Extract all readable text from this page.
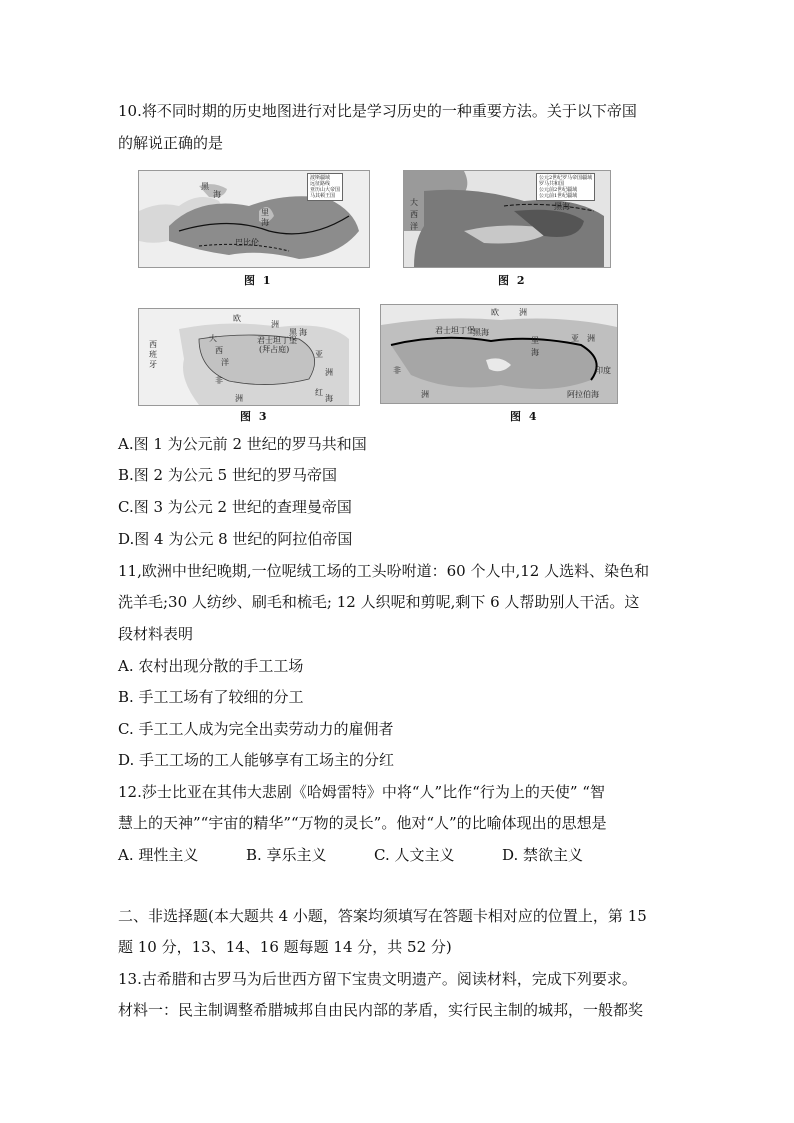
10.将不同时期的历史地图进行对比是学习历史的一种重要方法。关于以下帝国
的解说正确的是
黑
海
里
海
巴比伦
波斯疆域
远征路线
亚历山大帝国
马其顿王国
图 1
大
西
洋
黑海
公元2世纪罗马帝国疆域
罗马共和国
公元前2世纪疆域
公元前1世纪疆域
图 2
欧
洲
西
班
牙
大
西
洋
非
洲
君士坦丁堡
(拜占庭)
黑 海
亚
洲
红
海
图 3
欧	洲
君士坦丁堡
黑海
里
海
非
洲
亚 洲
阿拉伯海
印度
图 4
A.图 1 为公元前 2 世纪的罗马共和国
B.图 2 为公元 5 世纪的罗马帝国
C.图 3 为公元 2 世纪的查理曼帝国
D.图 4 为公元 8 世纪的阿拉伯帝国
11,欧洲中世纪晚期,一位呢绒工场的工头吩咐道：60 个人中,12 人选料、染色和
洗羊毛;30 人纺纱、刷毛和梳毛; 12 人织呢和剪呢,剩下 6 人帮助别人干活。这
段材料表明
A. 农村出现分散的手工工场
B. 手工工场有了较细的分工
C. 手工工人成为完全出卖劳动力的雇佣者
D. 手工工场的工人能够享有工场主的分红
12.莎士比亚在其伟大悲剧《哈姆雷特》中将“人”比作“行为上的天使” “智
慧上的天神”“宇宙的精华”“万物的灵长”。他对“人”的比喻体现出的思想是
A. 理性主义	B. 享乐主义	C. 人文主义	D. 禁欲主义
二、非选择题(本大题共 4 小题，答案均须填写在答题卡相对应的位置上，第 15
题 10 分，13、14、16 题每题 14 分，共 52 分)
13.古希腊和古罗马为后世西方留下宝贵文明遗产。阅读材料，完成下列要求。
材料一：民主制调整希腊城邦自由民内部的茅盾，实行民主制的城邦，一般都奖
